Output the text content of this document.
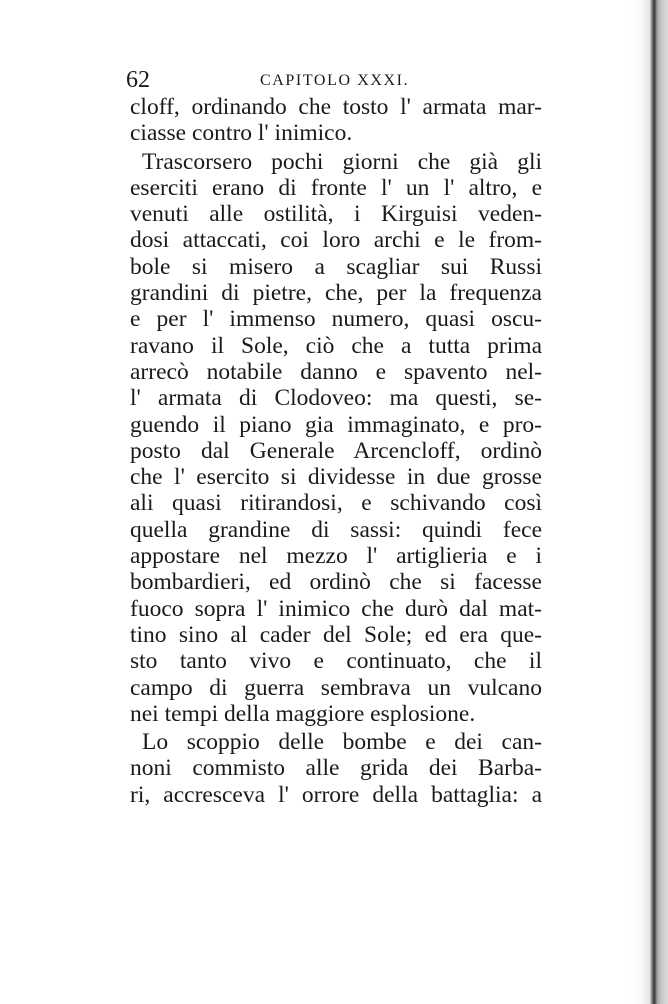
62	CAPITOLO XXXI.
cloff, ordinando che tosto l' armata mar-
ciasse contro l' inimico.
Trascorsero pochi giorni che già gli
eserciti erano di fronte l' un l' altro, e
venuti alle ostilità, i Kirguisi veden-
dosi attaccati, coi loro archi e le from-
bole si misero a scagliar sui Russi
grandini di pietre, che, per la frequenza
e per l' immenso numero, quasi oscu-
ravano il Sole, ciò che a tutta prima
arrecò notabile danno e spavento nel-
l' armata di Clodoveo: ma questi, se-
guendo il piano gia immaginato, e pro-
posto dal Generale Arcencloff, ordinò
che l' esercito si dividesse in due grosse
ali quasi ritirandosi, e schivando così
quella grandine di sassi: quindi fece
appostare nel mezzo l' artiglieria e i
bombardieri, ed ordinò che si facesse
fuoco sopra l' inimico che durò dal mat-
tino sino al cader del Sole; ed era que-
sto tanto vivo e continuato, che il
campo di guerra sembrava un vulcano
nei tempi della maggiore esplosione.
Lo scoppio delle bombe e dei can-
noni commisto alle grida dei Barba-
ri, accresceva l' orrore della battaglia: a
